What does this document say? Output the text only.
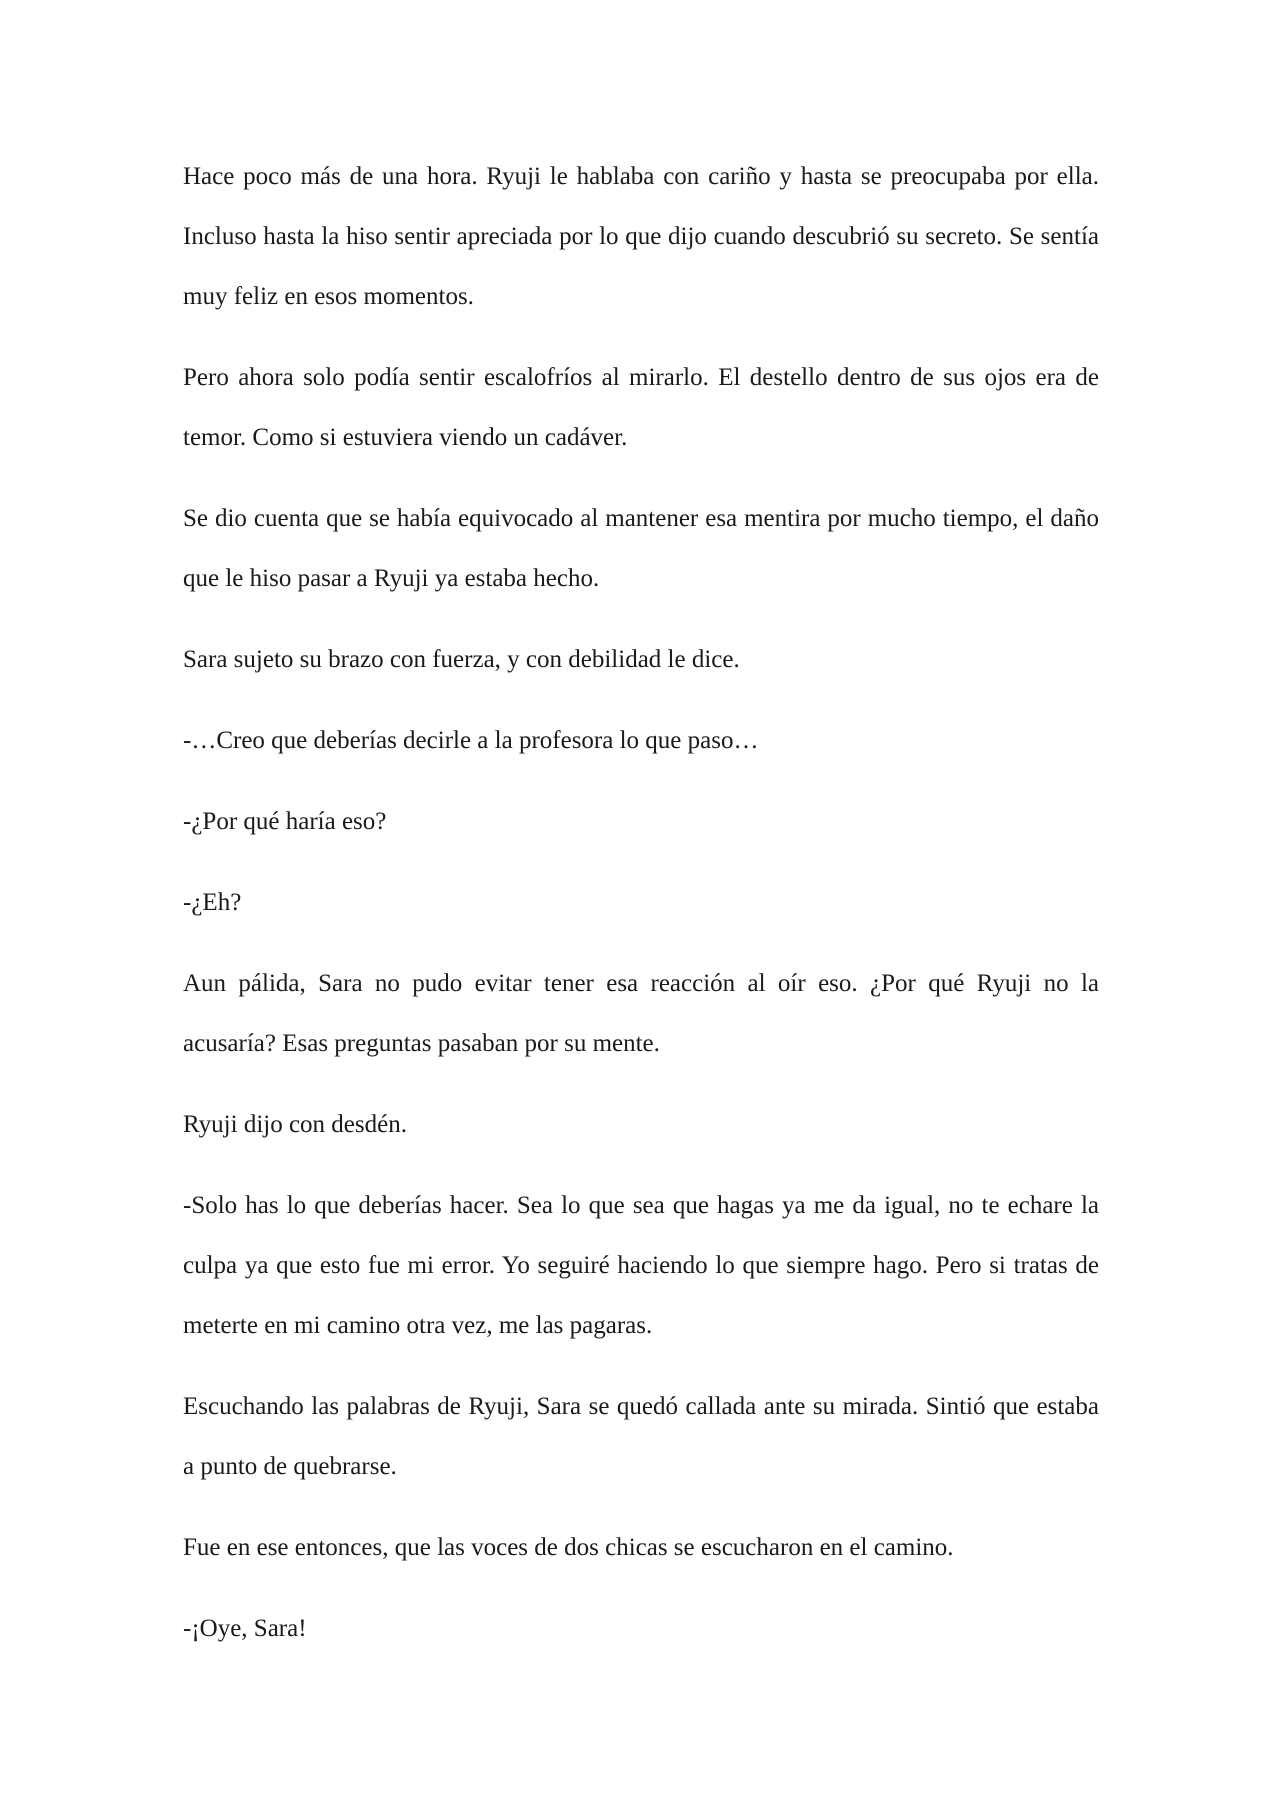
Hace poco más de una hora. Ryuji le hablaba con cariño y hasta se preocupaba por ella. Incluso hasta la hiso sentir apreciada por lo que dijo cuando descubrió su secreto. Se sentía muy feliz en esos momentos.

Pero ahora solo podía sentir escalofríos al mirarlo. El destello dentro de sus ojos era de temor. Como si estuviera viendo un cadáver.

Se dio cuenta que se había equivocado al mantener esa mentira por mucho tiempo, el daño que le hiso pasar a Ryuji ya estaba hecho.

Sara sujeto su brazo con fuerza, y con debilidad le dice.

-…Creo que deberías decirle a la profesora lo que paso…

-¿Por qué haría eso?

-¿Eh?

Aun pálida, Sara no pudo evitar tener esa reacción al oír eso. ¿Por qué Ryuji no la acusaría? Esas preguntas pasaban por su mente.

Ryuji dijo con desdén.

-Solo has lo que deberías hacer. Sea lo que sea que hagas ya me da igual, no te echare la culpa ya que esto fue mi error. Yo seguiré haciendo lo que siempre hago. Pero si tratas de meterte en mi camino otra vez, me las pagaras.

Escuchando las palabras de Ryuji, Sara se quedó callada ante su mirada. Sintió que estaba a punto de quebrarse.

Fue en ese entonces, que las voces de dos chicas se escucharon en el camino.

-¡Oye, Sara!
